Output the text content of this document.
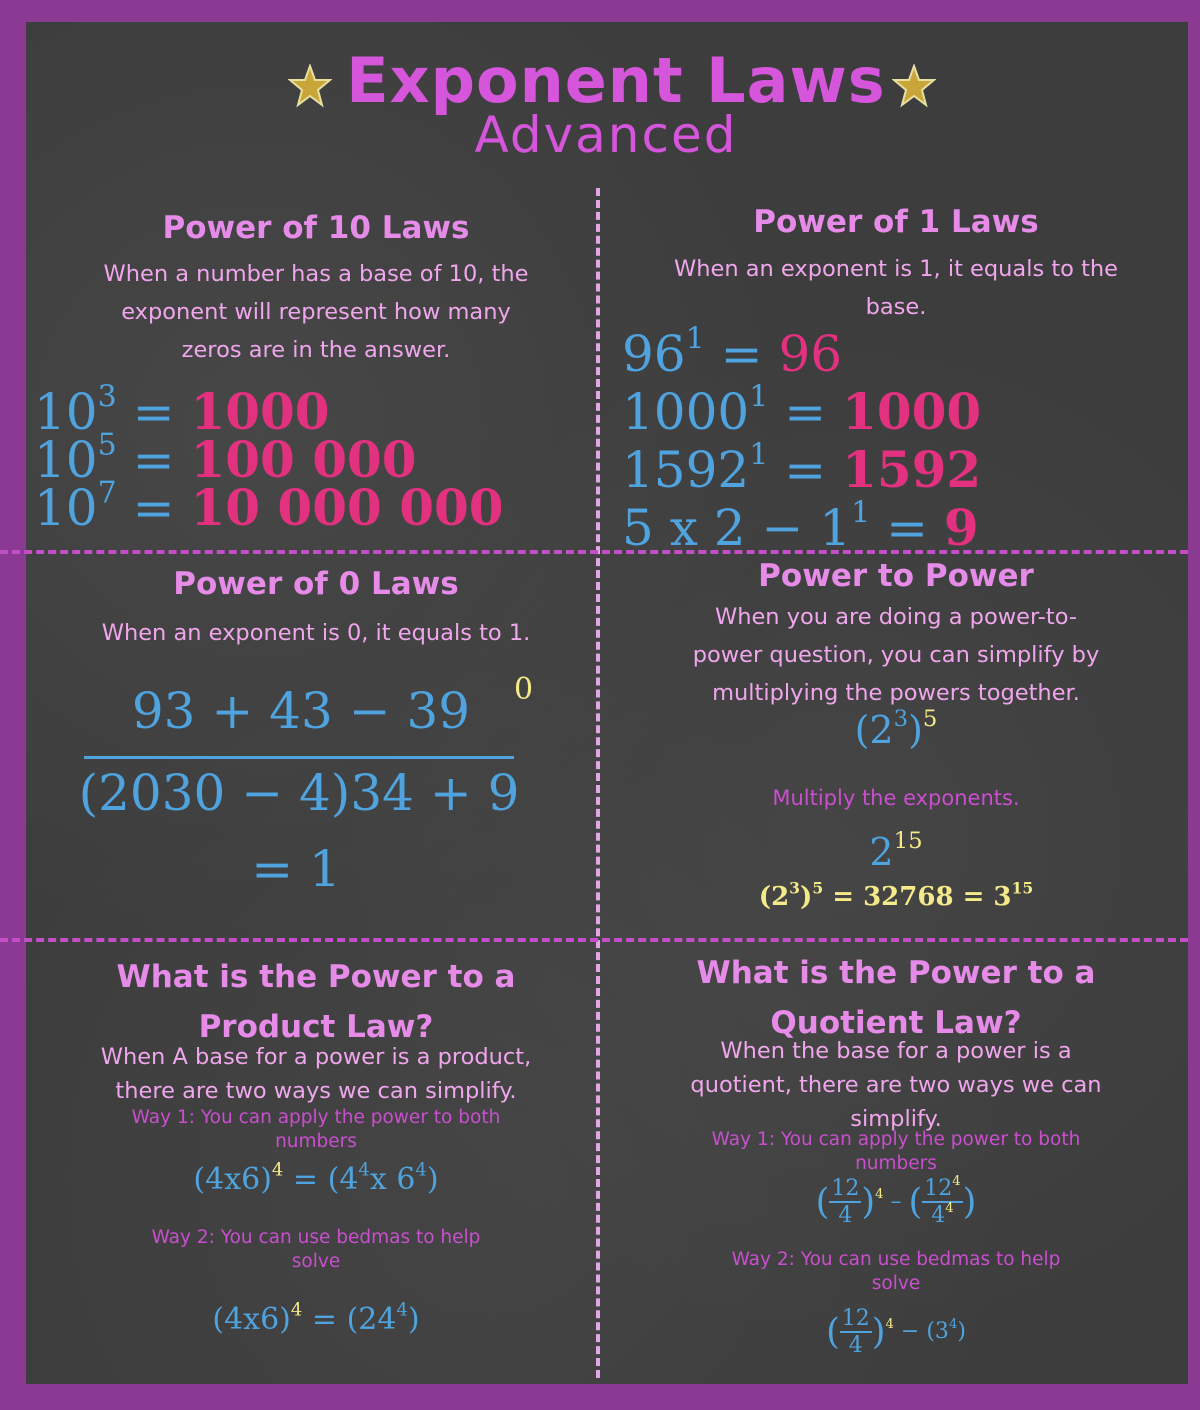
Exponent Laws
Advanced
Power of 10 Laws
When a number has a base of 10, the
exponent will represent how many
zeros are in the answer.
$10^3 = 1000$
$10^5 = 100$ 000
$10^7 = 10$ 000 000
Power of 1 Laws
When an exponent is 1, it equals to the
base.
$96^1 = 96$
$1000^1 = 1000$
$1592^1 = 1592$
5 x $2 - 1^1 = 9$
Power of 0 Laws
When an exponent is 0, it equals to 1.
93 + 43 − 39	0
(2030 − 4)34 + 9
= 1
Power to Power
When you are doing a power-to-
power question, you can simplify by
multiplying the powers together.
$(2^3)^5$
Multiply the exponents.
$2^{15}$
$(2^3)^5 = 32768 = 3^{15}$
What is the Power to a
Product Law?
When A base for a power is a product,
there are two ways we can simplify.
Way 1: You can apply the power to both
numbers
$(4x6)^4 = (4^4x$ $6^4$)
Way 2: You can use bedmas to help
solve
$(4x6)^4 = (24^4)$
What is the Power to a
Quotient Law?
When the base for a power is a
quotient, there are two ways we can
simplify.
Way 1: You can apply the power to both
numbers
( $\frac{12}{4} )^4$ – ( $\frac{12^4}{4^4}$ )
Way 2: You can use bedmas to help
solve
( $\frac{12}{4} )^4 - (3^4)$
